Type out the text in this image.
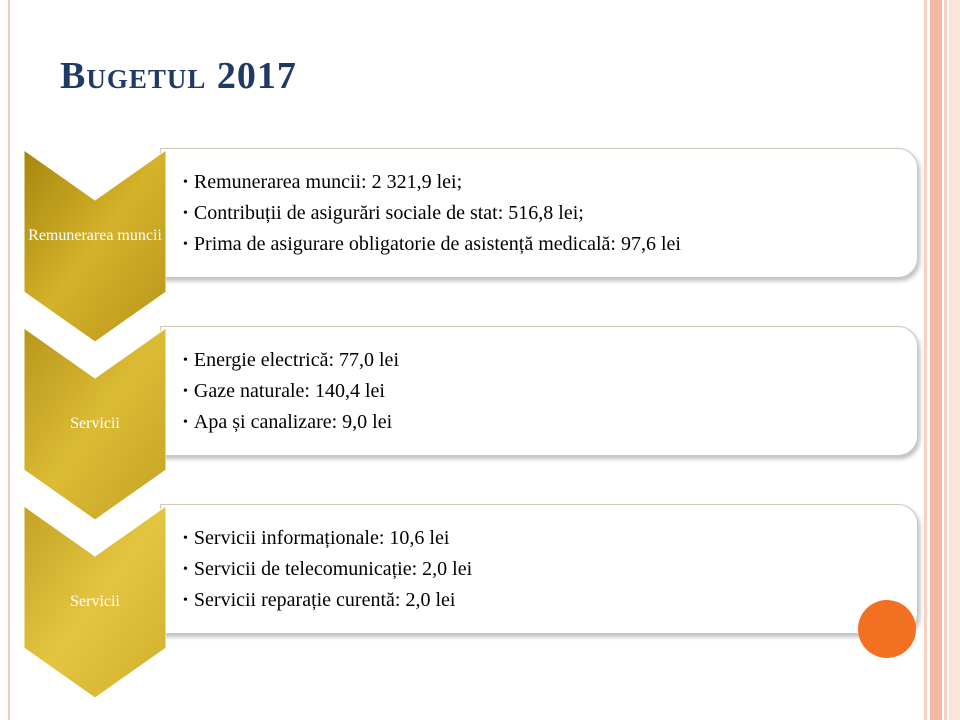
Bugetul 2017
• Remunerarea muncii: 2 321,9 lei;
• Contribuții de asigurări sociale de stat: 516,8 lei;
• Prima de asigurare obligatorie de asistență medicală: 97,6 lei
Remunerarea muncii
• Energie electrică: 77,0 lei
• Gaze naturale: 140,4 lei
• Apa și canalizare: 9,0 lei
Servicii
• Servicii informaționale: 10,6 lei
• Servicii de telecomunicație: 2,0 lei
• Servicii reparație curentă: 2,0 lei
Servicii
